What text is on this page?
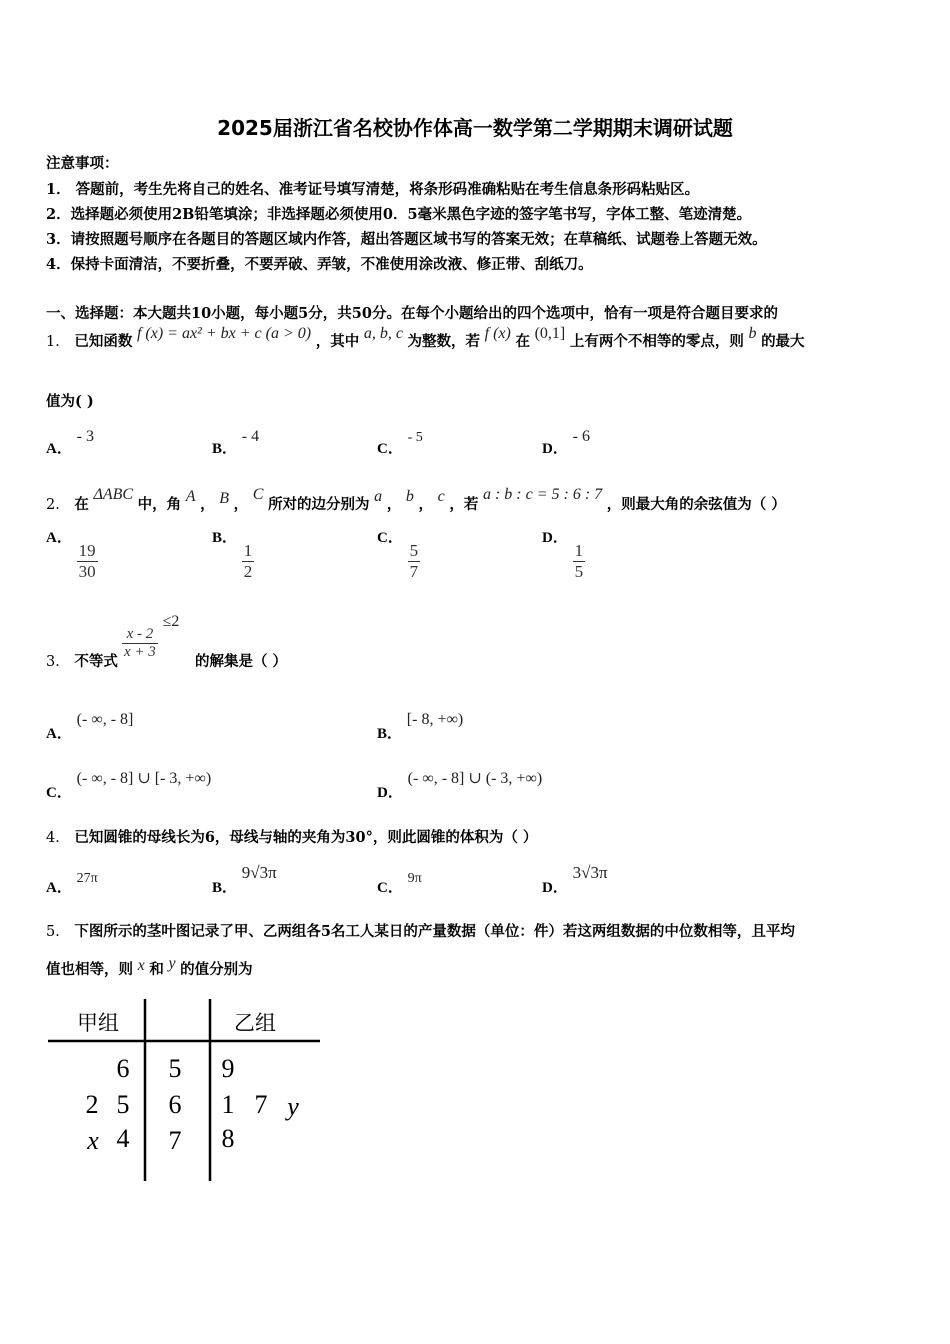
2025届浙江省名校协作体高一数学第二学期期末调研试题
注意事项：
1． 答题前，考生先将自己的姓名、准考证号填写清楚，将条形码准确粘贴在考生信息条形码粘贴区。
2．选择题必须使用2B铅笔填涂；非选择题必须使用0．5毫米黑色字迹的签字笔书写，字体工整、笔迹清楚。
3．请按照题号顺序在各题目的答题区域内作答，超出答题区域书写的答案无效；在草稿纸、试题卷上答题无效。
4．保持卡面清洁，不要折叠，不要弄破、弄皱，不准使用涂改液、修正带、刮纸刀。
一、选择题：本大题共10小题，每小题5分，共50分。在每个小题给出的四个选项中，恰有一项是符合题目要求的
1． 已知函数 f (x) = ax² + bx + c (a > 0) ，其中 a, b, c 为整数，若 f (x) 在 (0,1] 上有两个不相等的零点，则 b 的最大
值为( )
A． - 3
B． - 4
C． - 5
D． - 6
2． 在 ΔABC 中，角 A ， B ， C 所对的边分别为 a ， b ， c ，若 a : b : c = 5 : 6 : 7 ，则最大角的余弦值为（ ）
A．
$\frac{19}{30}$
B．
$\frac{1}{2}$
C．
$\frac{5}{7}$
D．
$\frac{1}{5}$
3． 不等式 $\frac{x - 2}{x + 3}$
≤2
的解集是（ ）
A． (- ∞, - 8]
B． [- 8, +∞)
C． (- ∞, - 8] ∪ [- 3, +∞)
D． (- ∞, - 8] ∪ (- 3, +∞)
4． 已知圆锥的母线长为6，母线与轴的夹角为30°，则此圆锥的体积为（ ）
A． 27π
B． 9√3π
C． 9π
D． 3√3π
5． 下图所示的茎叶图记录了甲、乙两组各5名工人某日的产量数据（单位：件）若这两组数据的中位数相等，且平均
值也相等，则 x 和 y 的值分别为
甲组	乙组
6 5 9
2 5 6 1 7 y
x 4 7 8
